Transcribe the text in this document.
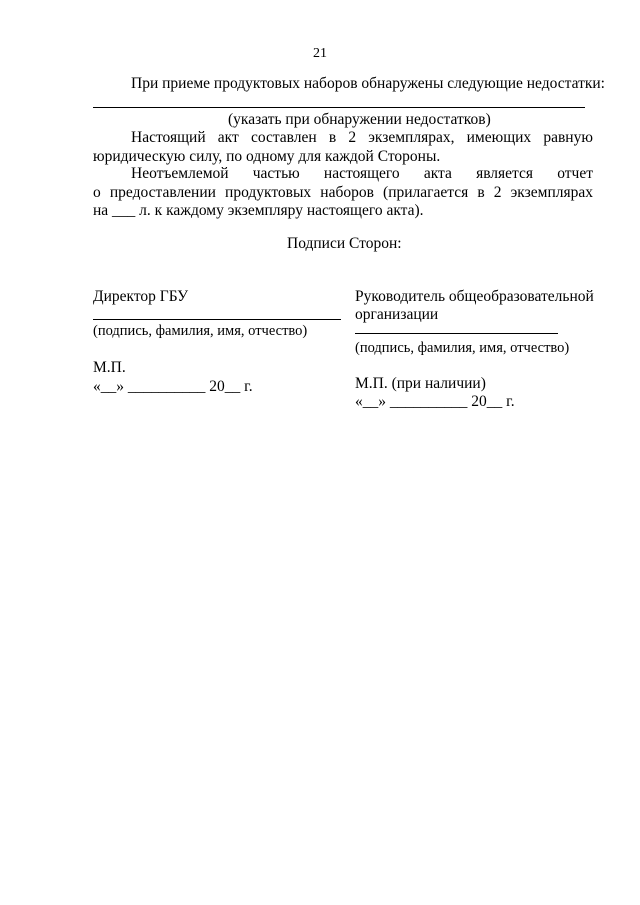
21
При приеме продуктовых наборов обнаружены следующие недостатки:
(указать при обнаружении недостатков)
Настоящий акт составлен в 2 экземплярах, имеющих равную
юридическую силу, по одному для каждой Стороны.
Неотъемлемой частью настоящего акта является отчет
о предоставлении продуктовых наборов (прилагается в 2 экземплярах
на ___ л. к каждому экземпляру настоящего акта).
Подписи Сторон:
Директор ГБУ
(подпись, фамилия, имя, отчество)
М.П.
«__» __________ 20__ г.
Руководитель общеобразовательной
организации
(подпись, фамилия, имя, отчество)
М.П. (при наличии)
«__» __________ 20__ г.
